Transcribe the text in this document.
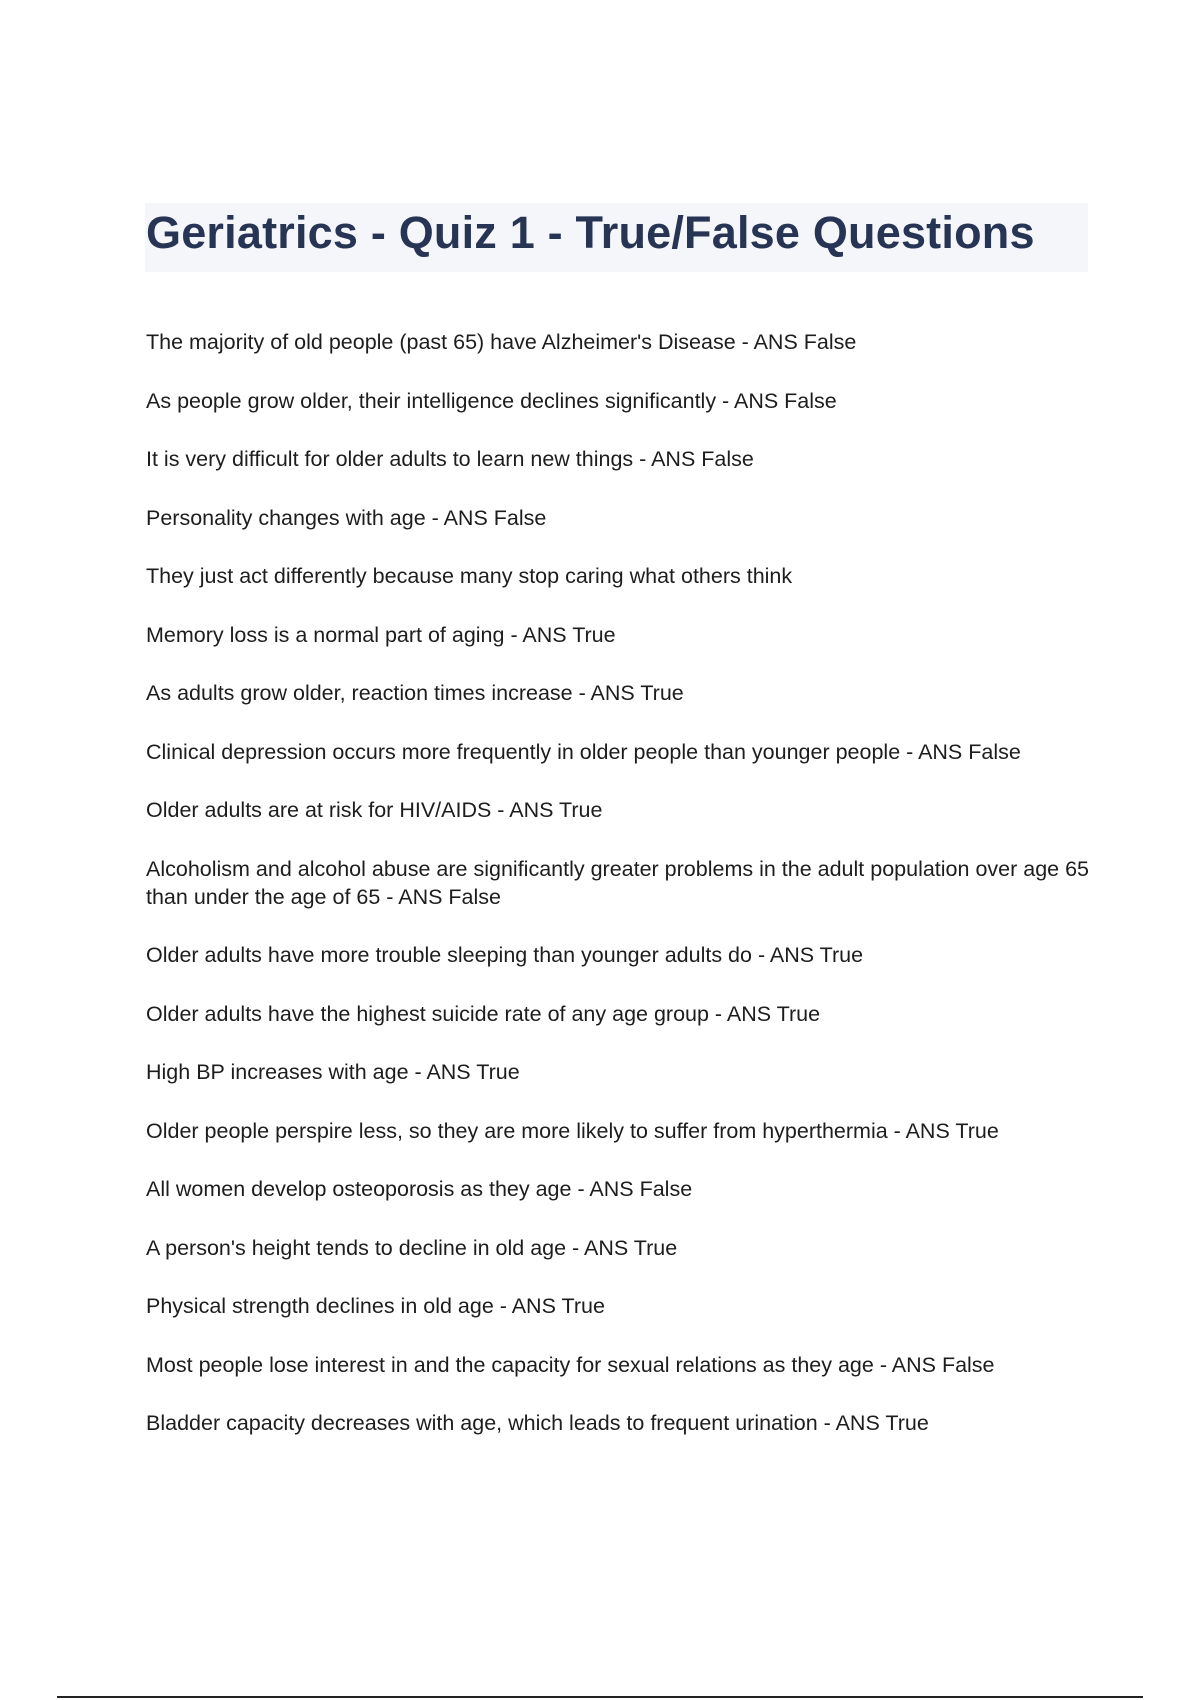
Geriatrics - Quiz 1 - True/False Questions
The majority of old people (past 65) have Alzheimer's Disease - ANS False
As people grow older, their intelligence declines significantly - ANS False
It is very difficult for older adults to learn new things - ANS False
Personality changes with age - ANS False
They just act differently because many stop caring what others think
Memory loss is a normal part of aging - ANS True
As adults grow older, reaction times increase - ANS True
Clinical depression occurs more frequently in older people than younger people - ANS False
Older adults are at risk for HIV/AIDS - ANS True
Alcoholism and alcohol abuse are significantly greater problems in the adult population over age 65 than under the age of 65 - ANS False
Older adults have more trouble sleeping than younger adults do - ANS True
Older adults have the highest suicide rate of any age group - ANS True
High BP increases with age - ANS True
Older people perspire less, so they are more likely to suffer from hyperthermia - ANS True
All women develop osteoporosis as they age - ANS False
A person's height tends to decline in old age - ANS True
Physical strength declines in old age - ANS True
Most people lose interest in and the capacity for sexual relations as they age - ANS False
Bladder capacity decreases with age, which leads to frequent urination - ANS True
